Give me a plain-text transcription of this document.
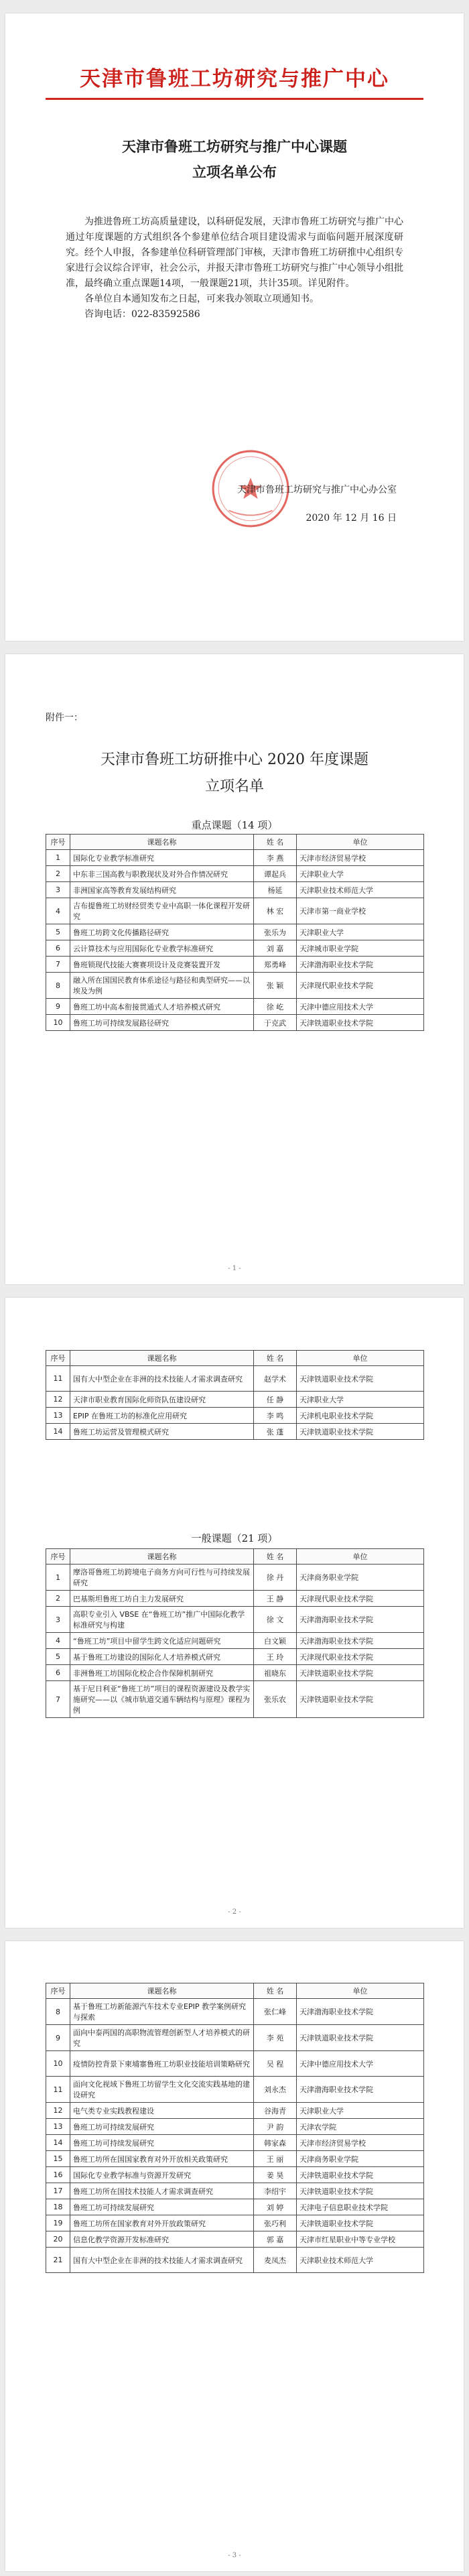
天津市鲁班工坊研究与推广中心
天津市鲁班工坊研究与推广中心课题
立项名单公布

为推进鲁班工坊高质量建设，以科研促发展，天津市鲁班工坊研究与推广中心通过年度课题的方式组织各个参建单位结合项目建设需求与面临问题开展深度研究。经个人申报，各参建单位科研管理部门审核，天津市鲁班工坊研推中心组织专家进行会议综合评审，社会公示，并报天津市鲁班工坊研究与推广中心领导小组批准，最终确立重点课题14项，一般课题21项，共计35项。详见附件。

各单位自本通知发布之日起，可来我办领取立项通知书。

咨询电话：022-83592586

天津市鲁班工坊研究与推广中心办公室
2020 年 12 月 16 日
附件一：
天津市鲁班工坊研推中心 2020 年度课题
立项名单
重点课题（14 项）
序号	课题名称	姓 名	单位
1	国际化专业教学标准研究	李 燕	天津市经济贸易学校
2	中东非三国高教与职教现状及对外合作情况研究	谭起兵	天津职业大学
3	非洲国家高等教育发展结构研究	杨延	天津职业技术师范大学
4	吉布提鲁班工坊财经贸类专业中高职一体化课程开发研究	林 宏	天津市第一商业学校
5	鲁班工坊跨文化传播路径研究	张乐为	天津职业大学
6	云计算技术与应用国际化专业教学标准研究	刘 嘉	天津城市职业学院
7	鲁班锁现代技能大赛赛项设计及竞赛装置开发	郑勇峰	天津渤海职业技术学院
8	融入所在国国民教育体系途径与路径和典型研究——以埃及为例	张 颖	天津现代职业技术学院
9	鲁班工坊中高本衔接贯通式人才培养模式研究	徐 屹	天津中德应用技术大学
10	鲁班工坊可持续发展路径研究	于克武	天津铁道职业技术学院
- 1 -
序号	课题名称	姓 名	单位
11	国有大中型企业在非洲的技术技能人才需求调查研究	赵学术	天津铁道职业技术学院
12	天津市职业教育国际化师资队伍建设研究	任 静	天津职业大学
13	EPIP 在鲁班工坊的标准化应用研究	李 鸣	天津机电职业技术学院
14	鲁班工坊运营及管理模式研究	张 蓬	天津铁道职业技术学院
一般课题（21 项）
序号	课题名称	姓 名	单位
1	摩洛哥鲁班工坊跨境电子商务方向可行性与可持续发展研究	徐 丹	天津商务职业学院
2	巴基斯坦鲁班工坊自主力发展研究	王 静	天津现代职业技术学院
3	高职专业引入 VBSE 在“鲁班工坊”推广中国际化教学标准研究与构建	徐 文	天津渤海职业技术学院
4	“鲁班工坊”项目中留学生跨文化适应问题研究	白文颖	天津渤海职业技术学院
5	基于鲁班工坊建设的国际化人才培养模式研究	王 玲	天津现代职业技术学院
6	非洲鲁班工坊国际化校企合作保障机制研究	祖晓东	天津铁道职业技术学院
7	基于尼日利亚“鲁班工坊”项目的课程资源建设及教学实施研究——以《城市轨道交通车辆结构与原理》课程为例	张乐农	天津铁道职业技术学院
- 2 -
序号	课题名称	姓 名	单位
8	基于鲁班工坊新能源汽车技术专业EPIP 教学案例研究与探索	张仁峰	天津渤海职业技术学院
9	面向中泰两国的高职物流管理创新型人才培养模式的研究	李 苑	天津铁道职业技术学院
10	疫情防控背景下柬埔寨鲁班工坊职业技能培训策略研究	吴 程	天津中德应用技术大学
11	面向文化视域下鲁班工坊留学生文化交流实践基地的建设研究	刘永杰	天津渤海职业技术学院
12	电气类专业实践教程建设	谷海青	天津职业大学
13	鲁班工坊可持续发展研究	尹 韵	天津农学院
14	鲁班工坊可持续发展研究	韩家森	天津市经济贸易学校
15	鲁班工坊所在国国家教育对外开放相关政策研究	王 丽	天津商务职业学院
16	国际化专业教学标准与资源开发研究	姜 昊	天津铁道职业技术学院
17	鲁班工坊所在国技术技能人才需求调查研究	李绍宇	天津铁道职业技术学院
18	鲁班工坊可持续发展研究	刘 婷	天津电子信息职业技术学院
19	鲁班工坊所在国家教育对外开放政策研究	张巧利	天津铁道职业技术学院
20	信息化教学资源开发标准研究	郭 嘉	天津市红星职业中等专业学校
21	国有大中型企业在非洲的技术技能人才需求调查研究	麦凤杰	天津职业技术师范大学
- 3 -
